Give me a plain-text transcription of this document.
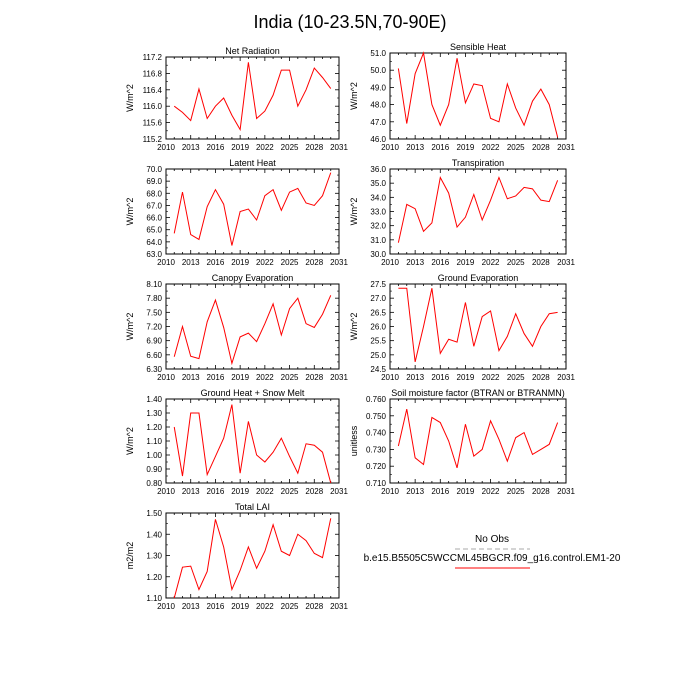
India (10-23.5N,70-90E)
Net Radiation
W/m^2
2010 2013 2016 2019 2022 2025 2028 2031
115.2
115.6
116.0
116.4
116.8
117.2
Sensible Heat
W/m^2
2010 2013 2016 2019 2022 2025 2028 2031
46.0
47.0
48.0
49.0
50.0
51.0
Latent Heat
W/m^2
2010 2013 2016 2019 2022 2025 2028 2031
63.0
64.0
65.0
66.0
67.0
68.0
69.0
70.0
Transpiration
W/m^2
2010 2013 2016 2019 2022 2025 2028 2031
30.0
31.0
32.0
33.0
34.0
35.0
36.0
Canopy Evaporation
W/m^2
2010 2013 2016 2019 2022 2025 2028 2031
6.30
6.60
6.90
7.20
7.50
7.80
8.10
Ground Evaporation
W/m^2
2010 2013 2016 2019 2022 2025 2028 2031
24.5
25.0
25.5
26.0
26.5
27.0
27.5
Ground Heat + Snow Melt
W/m^2
2010 2013 2016 2019 2022 2025 2028 2031
0.80
0.90
1.00
1.10
1.20
1.30
1.40
Soil moisture factor (BTRAN or BTRANMN)
unitless
2010 2013 2016 2019 2022 2025 2028 2031
0.710
0.720
0.730
0.740
0.750
0.760
Total LAI
m2/m2
2010 2013 2016 2019 2022 2025 2028 2031
1.10
1.20
1.30
1.40
1.50
No Obs
b.e15.B5505C5WCCML45BGCR.f09_g16.control.EM1-20
